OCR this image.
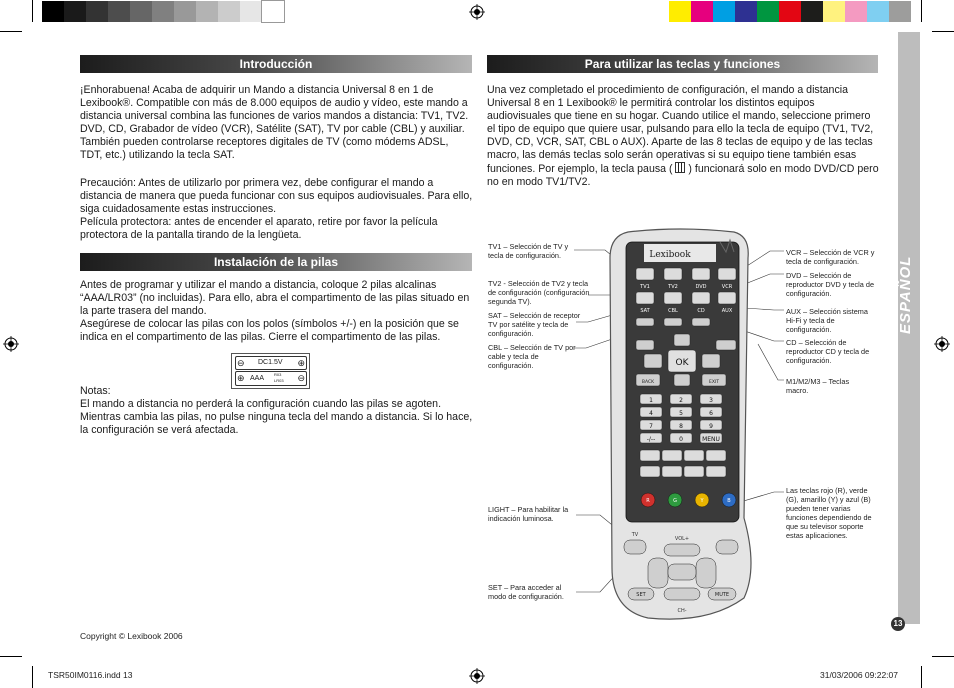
ESPAÑOL
13
Introducción

¡Enhorabuena! Acaba de adquirir un Mando a distancia Universal 8 en 1 de Lexibook®. Compatible con más de 8.000 equipos de audio y vídeo, este mando a distancia universal combina las funciones de varios mandos a distancia: TV1, TV2. DVD, CD, Grabador de vídeo (VCR), Satélite (SAT), TV por cable (CBL) y auxiliar. También pueden controlarse receptores digitales de TV (como módems ADSL, TDT, etc.) utilizando la tecla SAT.

Precaución: Antes de utilizarlo por primera vez, debe configurar el mando a distancia de manera que pueda funcionar con sus equipos audiovisuales. Para ello, siga cuidadosamente estas instrucciones.

Película protectora: antes de encender el aparato, retire por favor la película protectora de la pantalla tirando de la lengüeta.

Instalación de la pilas

Antes de programar y utilizar el mando a distancia, coloque 2 pilas alcalinas “AAA/LR03” (no incluidas). Para ello, abra el compartimento de las pilas situado en la parte trasera del mando.

Asegúrese de colocar las pilas con los polos (símbolos +/-) en la posición que se indica en el compartimento de las pilas. Cierre el compartimento de las pilas.

⊖ DC1.5V ⊕
⊕ AAA
R03
LR03 ⊖

Notas:

El mando a distancia no perderá la configuración cuando las pilas se agoten.

Mientras cambia las pilas, no pulse ninguna tecla del mando a distancia. Si lo hace, la configuración se verá afectada.

Copyright © Lexibook 2006
Para utilizar las teclas y funciones

Una vez completado el procedimiento de configuración, el mando a distancia Universal 8 en 1 Lexibook® le permitirá controlar los distintos equipos audiovisuales que tiene en su hogar. Cuando utilice el mando, seleccione primero el tipo de equipo que quiere usar, pulsando para ello la tecla de equipo (TV1, TV2, DVD, CD, VCR, SAT, CBL o AUX). Aparte de las 8 teclas de equipo y de las teclas macro, las demás teclas solo serán operativas si su equipo tiene también esas funciones. Por ejemplo, la tecla pausa ( ) funcionará solo en modo DVD/CD pero no en modo TV1/TV2.

TV1 – Selección de TV y tecla de configuración.
TV2 - Selección de TV2 y tecla de configuración (configuración segunda TV).
SAT – Selección de receptor TV por satélite y tecla de configuración.
CBL – Selección de TV por cable y tecla de configuración.
LIGHT – Para habilitar la indicación luminosa.
SET – Para acceder al modo de configuración.
VCR – Selección de VCR y tecla de configuración.
DVD – Selección de reproductor DVD y tecla de configuración.
AUX – Selección sistema Hi-Fi y tecla de configuración.
CD – Selección de reproductor CD y tecla de configuración.
M1/M2/M3 – Teclas macro.
Las teclas rojo (R), verde (G), amarillo (Y) y azul (B) pueden tener varias funciones dependiendo de que su televisor soporte estas aplicaciones.
Lexibook
TV1	TV2	DVD	VCR
SAT	CBL	CD	AUX
OK
BACK	EXIT
1	2	3
4	5	6
7	8	9
-/--	0	MENU
R	G	Y	B
TV
VOL+
SET	MUTE
CH-
TSR50IM0116.indd 13	31/03/2006 09:22:07
